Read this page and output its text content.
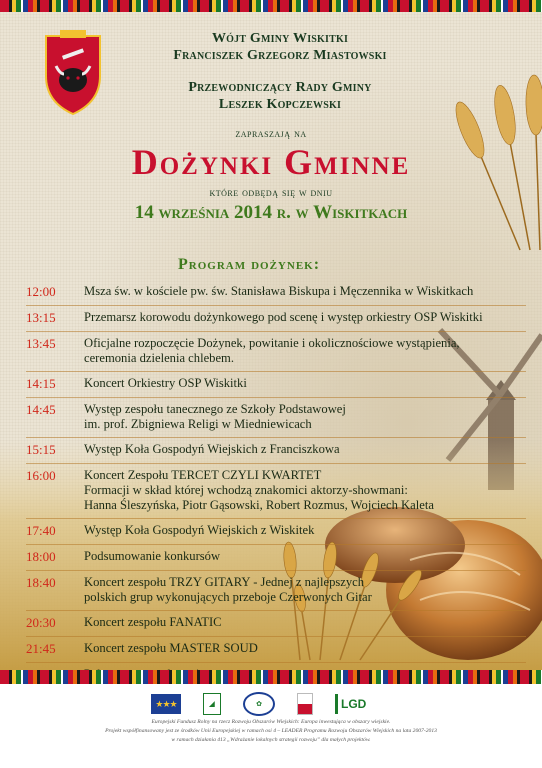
Wójt Gminy Wiskitki
Franciszek Grzegorz Miastowski
Przewodniczący Rady Gminy
Leszek Kopczewski
zapraszają na
Dożynki Gminne
które odbędą się w dniu
14 września 2014 r. w Wiskitkach
Program dożynek:
12:00	Msza św. w kościele pw. św. Stanisława Biskupa i Męczennika w Wiskitkach
13:15	Przemarsz korowodu dożynkowego pod scenę i występ orkiestry OSP Wiskitki
13:45	Oficjalne rozpoczęcie Dożynek, powitanie i okolicznościowe wystąpienia,
ceremonia dzielenia chlebem.
14:15	Koncert Orkiestry OSP Wiskitki
14:45	Występ zespołu tanecznego ze Szkoły Podstawowej
im. prof. Zbigniewa Religi w Miedniewicach
15:15	Występ Koła Gospodyń Wiejskich z Franciszkowa
16:00	Koncert Zespołu TERCET CZYLI KWARTET
Formacji w skład której wchodzą znakomici aktorzy-showmani:
Hanna Śleszyńska, Piotr Gąsowski, Robert Rozmus, Wojciech Kaleta
17:40	Występ Koła Gospodyń Wiejskich z Wiskitek
18:00	Podsumowanie konkursów
18:40	Koncert zespołu TRZY GITARY - Jednej z najlepszych
polskich grup wykonujących przeboje Czerwonych Gitar
20:30	Koncert zespołu FANATIC
21:45	Koncert zespołu MASTER SOUD
★★★	◢	✿	LGD
Europejski Fundusz Rolny na rzecz Rozwoju Obszarów Wiejskich: Europa inwestująca w obszary wiejskie.
Projekt współfinansowany jest ze środków Unii Europejskiej w ramach osi 4 – LEADER Programu Rozwoju Obszarów Wiejskich na lata 2007-2013
w ramach działania 413 „Wdrażanie lokalnych strategii rozwoju” dla małych projektów.
